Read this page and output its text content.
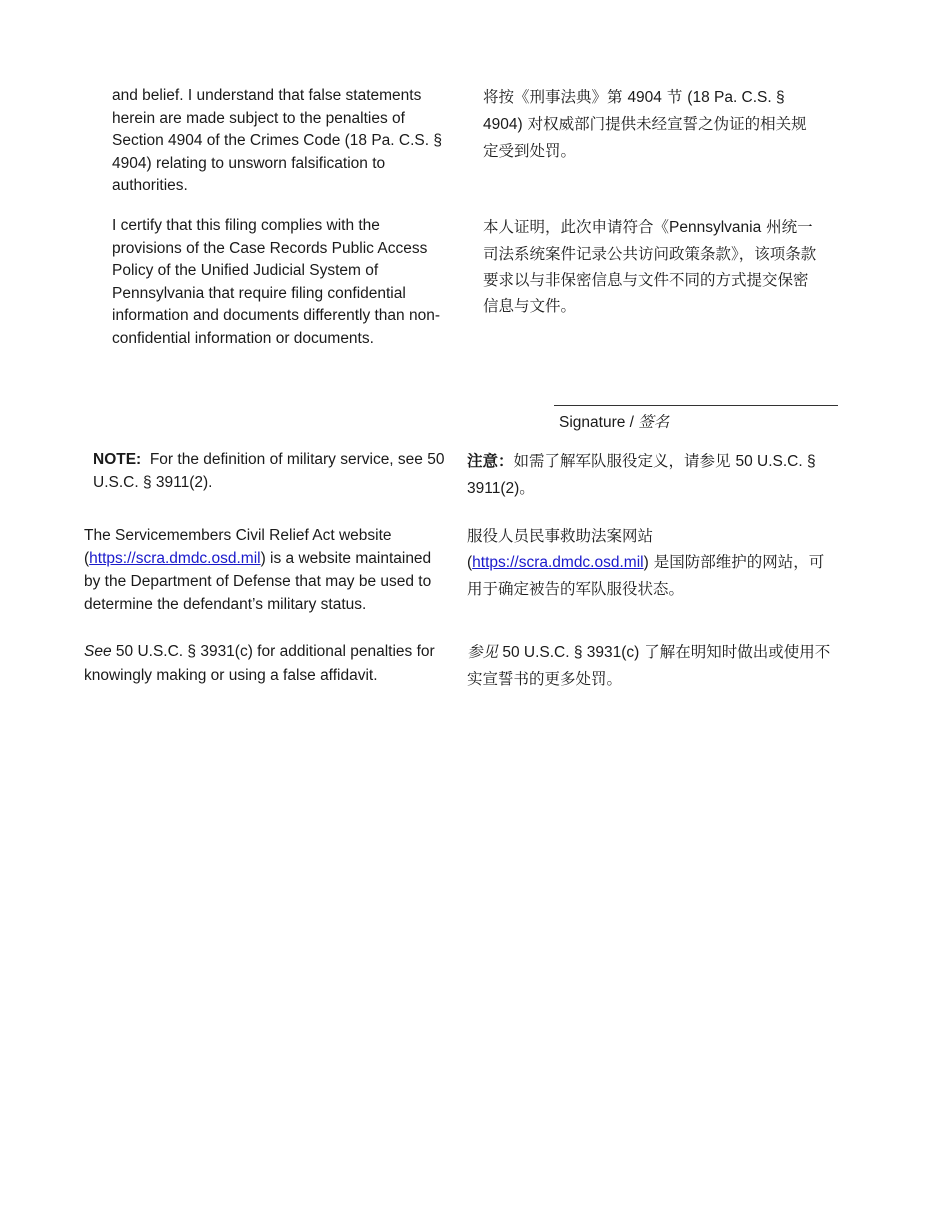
and belief. I understand that false statements herein are made subject to the penalties of Section 4904 of the Crimes Code (18 Pa. C.S. § 4904) relating to unsworn falsification to authorities.

将按《刑事法典》第 4904 节 (18 Pa. C.S. § 4904) 对权威部门提供未经宣誓之伪证的相关规定受到处罚。

I certify that this filing complies with the provisions of the Case Records Public Access Policy of the Unified Judicial System of Pennsylvania that require filing confidential information and documents differently than non-confidential information or documents.

本人证明，此次申请符合《Pennsylvania 州统一司法系统案件记录公共访问政策条款》，该项条款要求以与非保密信息与文件不同的方式提交保密信息与文件。

Signature / 签名

NOTE:  For the definition of military service, see 50 U.S.C. § 3911(2).

注意：如需了解军队服役定义，请参见 50 U.S.C. § 3911(2)。

The Servicemembers Civil Relief Act website (https://scra.dmdc.osd.mil) is a website maintained by the Department of Defense that may be used to determine the defendant’s military status.

服役人员民事救助法案网站
(https://scra.dmdc.osd.mil) 是国防部维护的网站，可用于确定被告的军队服役状态。

See 50 U.S.C. § 3931(c) for additional penalties for knowingly making or using a false affidavit.

参见 50 U.S.C. § 3931(c) 了解在明知时做出或使用不实宣誓书的更多处罚。
